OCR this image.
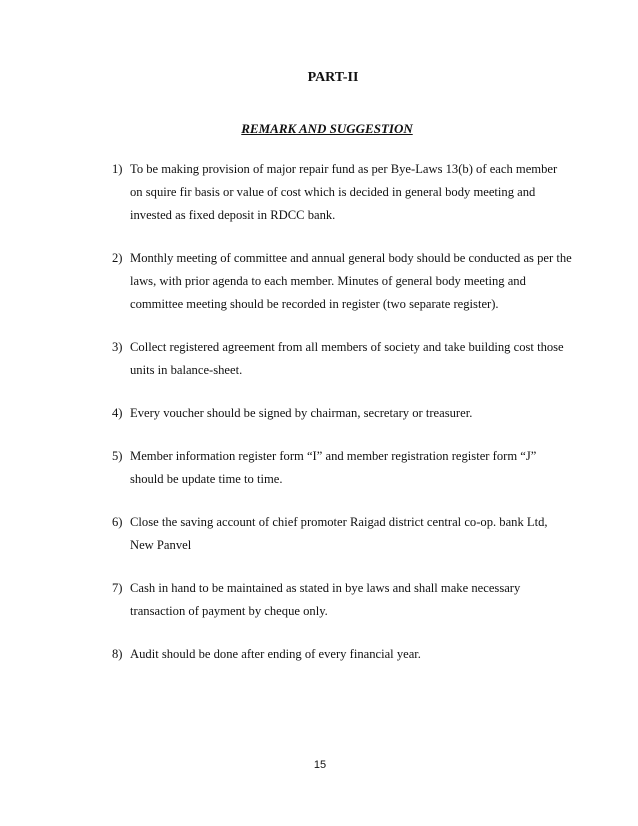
PART-II
REMARK AND SUGGESTION
1) To be making provision of major repair fund as per Bye-Laws 13(b) of each member on squire fir basis or value of cost which is decided in general body meeting and invested as fixed deposit in RDCC bank.
2) Monthly meeting of committee and annual general body should be conducted as per the laws, with prior agenda to each member. Minutes of general body meeting and committee meeting should be recorded in register (two separate register).
3) Collect registered agreement from all members of society and take building cost those units in balance-sheet.
4) Every voucher should be signed by chairman, secretary or treasurer.
5) Member information register form “I” and member registration register form “J” should be update time to time.
6) Close the saving account of chief promoter Raigad district central co-op. bank Ltd, New Panvel
7) Cash in hand to be maintained as stated in bye laws and shall make necessary transaction of payment by cheque only.
8) Audit should be done after ending of every financial year.
15
